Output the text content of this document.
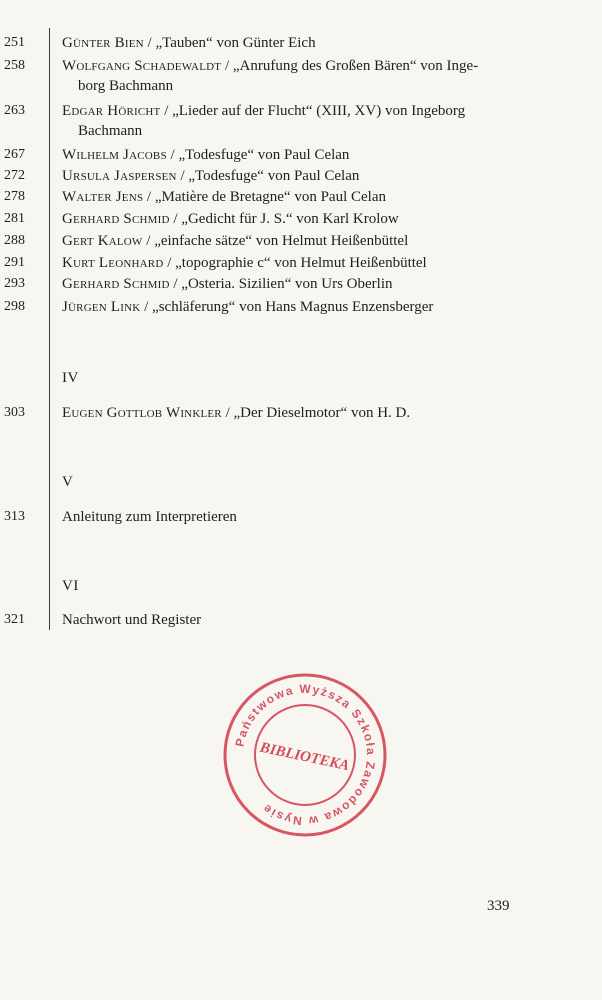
251	Günter Bien / „Tauben“ von Günter Eich
258	Wolfgang Schadewaldt / „Anrufung des Großen Bären“ von Inge-
borg Bachmann
263	Edgar Höricht / „Lieder auf der Flucht“ (XIII, XV) von Ingeborg
Bachmann
267	Wilhelm Jacobs / „Todesfuge“ von Paul Celan
272	Ursula Jaspersen / „Todesfuge“ von Paul Celan
278	Walter Jens / „Matière de Bretagne“ von Paul Celan
281	Gerhard Schmid / „Gedicht für J. S.“ von Karl Krolow
288	Gert Kalow / „einfache sätze“ von Helmut Heißenbüttel
291	Kurt Leonhard / „topographie c“ von Helmut Heißenbüttel
293	Gerhard Schmid / „Osteria. Sizilien“ von Urs Oberlin
298	Jürgen Link / „schläferung“ von Hans Magnus Enzensberger
IV
303	Eugen Gottlob Winkler / „Der Dieselmotor“ von H. D.
V
313	Anleitung zum Interpretieren
VI
321	Nachwort und Register
Państwowa Wyższa Szkoła Zawodowa w Nysie
BIBLIOTEKA
339
